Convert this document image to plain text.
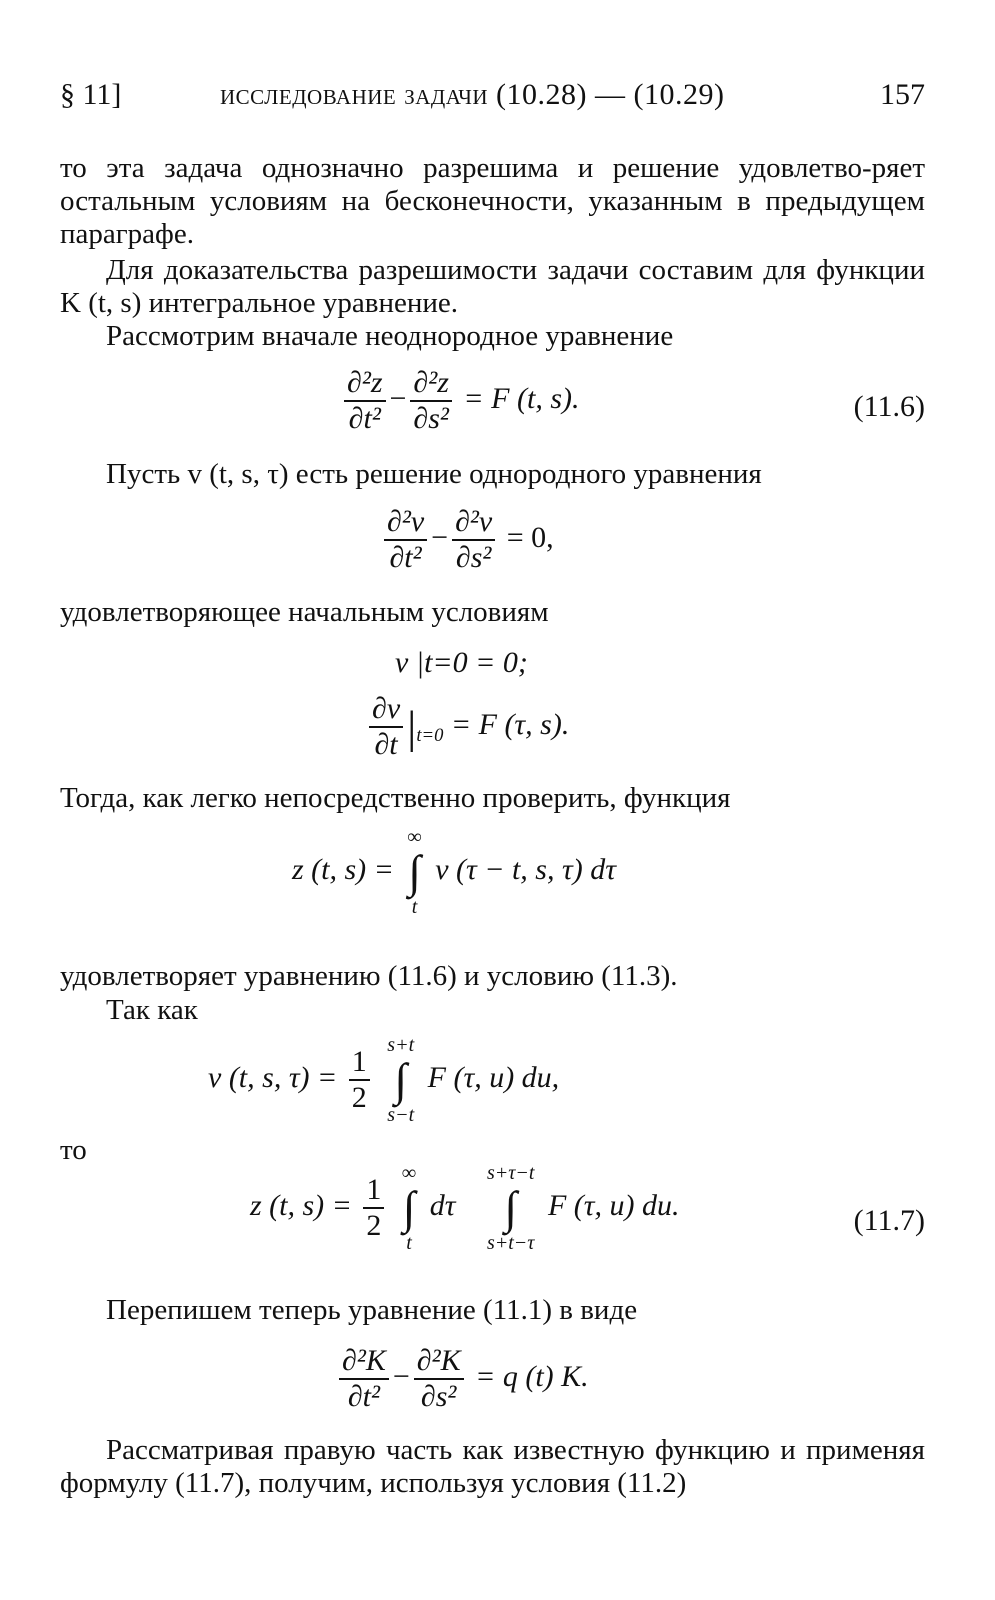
§ 11]	исследование задачи (10.28) — (10.29)	157
то эта задача однозначно разрешима и решение удовлетво-ряет остальным условиям на бесконечности, указанным в предыдущем параграфе.
Для доказательства разрешимости задачи составим для функции K (t, s) интегральное уравнение.
Рассмотрим вначале неоднородное уравнение
$\frac{\text{∂²z}}{\text{∂t²}} - \frac{\text{∂²z}}{\text{∂s²}} = F$ (t, s).	(11.6)
Пусть v (t, s, τ) есть решение однородного уравнения
$\frac{\text{∂²v}}{\text{∂t²}} - \frac{\text{∂²v}}{\text{∂s²}} = 0$,
удовлетворяющее начальным условиям
v |t=0 = 0;
$\frac{\partial v}{\partial t} |_{t=0} = F$ (τ, s).
Тогда, как легко непосредственно проверить, функция
z (t, s) =
∞
∫
t
v (τ − t, s, τ) dτ
удовлетворяет уравнению (11.6) и условию (11.3).
Так как
v (t, s, $\tau) = \frac{1}{2}$
s+t
∫
s−t
F (τ, u) du,
то
z (t, $s) = \frac{1}{2}$
∞
∫
t
dτ
s+τ−t
∫
s+t−τ
F (τ, u) du.	(11.7)
Перепишем теперь уравнение (11.1) в виде
$\frac{\text{∂²K}}{\text{∂t²}} - \frac{\text{∂²K}}{\text{∂s²}} = q$ (t) K.
Рассматривая правую часть как известную функцию и применяя формулу (11.7), получим, используя условия (11.2)
